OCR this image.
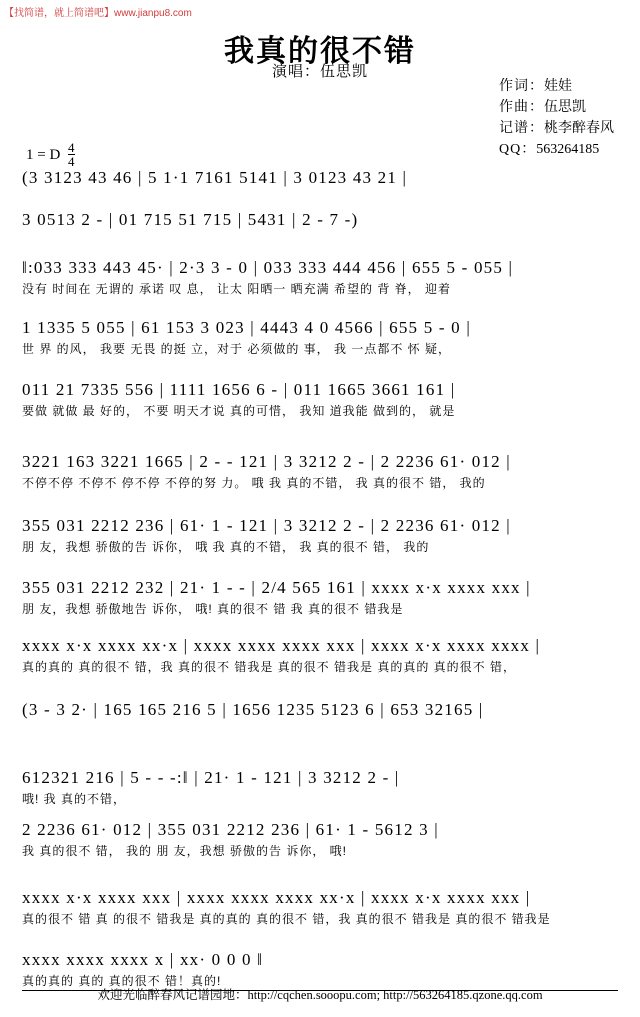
【找简谱，就上简谱吧】www.jianpu8.com
我真的很不错
演唱：伍思凯
作词：娃娃
作曲：伍思凯
记谱：桃李醉春风
QQ：563264185
1 = D $\frac{4}{4}$
(3 3123 43 46 | 5 1·1 7161 5141 | 3 0123 43 21 |
3 0513 2 - | 01 715 51 715 | 5431 | 2 - 7 -)
‖:033 333 443 45· | 2·3 3 - 0 | 033 333 444 456 | 655 5 - 055 |
没有 时间在 无谓的 承诺 叹 息， 让太 阳晒一 晒充满 希望的 背 脊， 迎着
1 1335 5 055 | 61 153 3 023 | 4443 4 0 4566 | 655 5 - 0 |
世 界 的风， 我要 无畏 的挺 立，对于 必须做的 事， 我 一点都不 怀 疑，
011 21 7335 556 | 1111 1656 6 - | 011 1665 3661 161 |
要做 就做 最 好的， 不要 明天才说 真的可惜， 我知 道我能 做到的， 就是
3221 163 3221 1665 | 2 - - 121 | 3 3212 2 - | 2 2236 61· 012 |
不停不停 不停不 停不停 不停的努 力。 哦 我 真的不错， 我 真的很不 错， 我的
355 031 2212 236 | 61· 1 - 121 | 3 3212 2 - | 2 2236 61· 012 |
朋 友，我想 骄傲的告 诉你， 哦 我 真的不错， 我 真的很不 错， 我的
355 031 2212 232 | 21· 1 - - | 2/4 565 161 | xxxx x·x xxxx xxx |
朋 友，我想 骄傲地告 诉你， 哦! 真的很不 错 我 真的很不 错我是
xxxx x·x xxxx xx·x | xxxx xxxx xxxx xxx | xxxx x·x xxxx xxxx |
真的真的 真的很不 错，我 真的很不 错我是 真的很不 错我是 真的真的 真的很不 错，
(3 - 3 2· | 165 165 216 5 | 1656 1235 5123 6 | 653 32165 |
612321 216 | 5 - - -:‖ | 21· 1 - 121 | 3 3212 2 - |
哦! 我 真的不错，
2 2236 61· 012 | 355 031 2212 236 | 61· 1 - 5612 3 |
我 真的很不 错， 我的 朋 友，我想 骄傲的告 诉你， 哦!
xxxx x·x xxxx xxx | xxxx xxxx xxxx xx·x | xxxx x·x xxxx xxx |
真的很不 错 真 的很不 错我是 真的真的 真的很不 错，我 真的很不 错我是 真的很不 错我是
xxxx xxxx xxxx x | xx· 0 0 0 ‖
真的真的 真的 真的很不 错！真的!
欢迎光临醉春风记谱园地：http://cqchen.sooopu.com; http://563264185.qzone.qq.com
